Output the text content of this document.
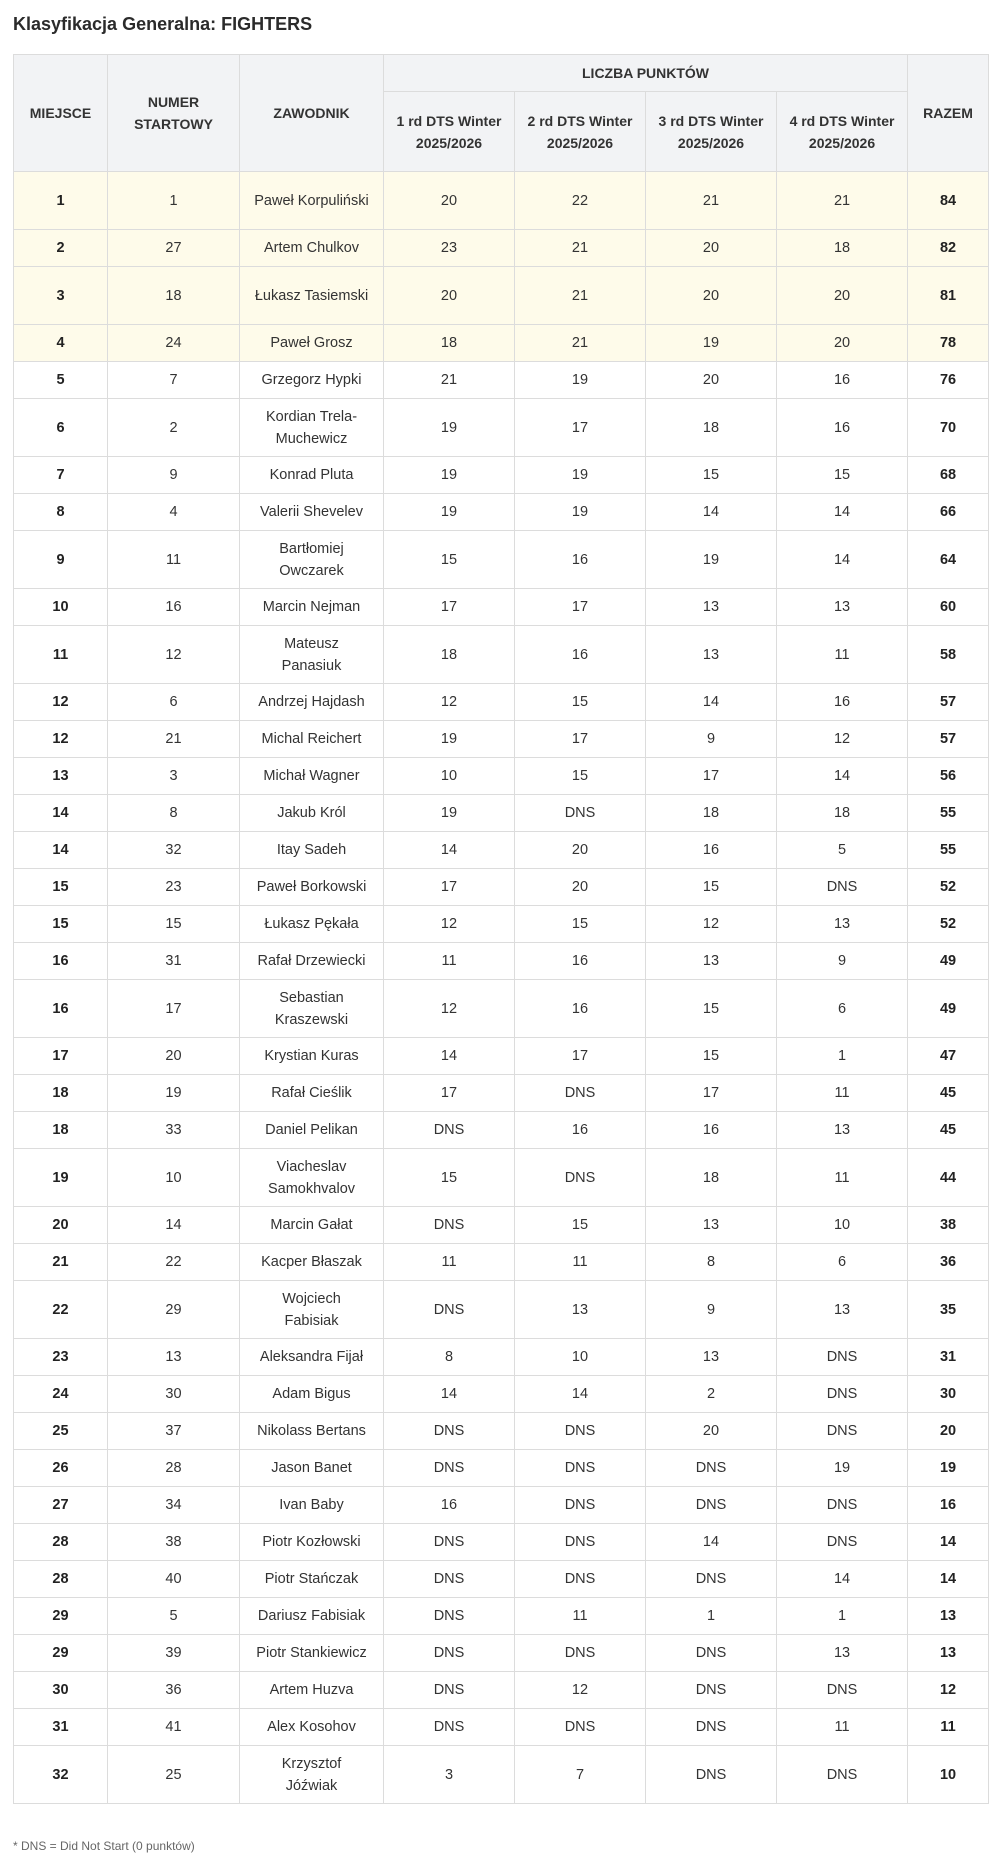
Klasyfikacja Generalna: FIGHTERS
MIEJSCE	NUMER STARTOWY	ZAWODNIK	LICZBA PUNKTÓW				RAZEM
			1 rd DTS Winter 2025/2026	2 rd DTS Winter 2025/2026	3 rd DTS Winter 2025/2026	4 rd DTS Winter 2025/2026	
1	1	Paweł Korpuliński	20	22	21	21	84
2	27	Artem Chulkov	23	21	20	18	82
3	18	Łukasz Tasiemski	20	21	20	20	81
4	24	Paweł Grosz	18	21	19	20	78
5	7	Grzegorz Hypki	21	19	20	16	76
6	2	Kordian Trela-Muchewicz	19	17	18	16	70
7	9	Konrad Pluta	19	19	15	15	68
8	4	Valerii Shevelev	19	19	14	14	66
9	11	Bartłomiej Owczarek	15	16	19	14	64
10	16	Marcin Nejman	17	17	13	13	60
11	12	Mateusz Panasiuk	18	16	13	11	58
12	6	Andrzej Hajdash	12	15	14	16	57
12	21	Michal Reichert	19	17	9	12	57
13	3	Michał Wagner	10	15	17	14	56
14	8	Jakub Król	19	DNS	18	18	55
14	32	Itay Sadeh	14	20	16	5	55
15	23	Paweł Borkowski	17	20	15	DNS	52
15	15	Łukasz Pękała	12	15	12	13	52
16	31	Rafał Drzewiecki	11	16	13	9	49
16	17	Sebastian Kraszewski	12	16	15	6	49
17	20	Krystian Kuras	14	17	15	1	47
18	19	Rafał Cieślik	17	DNS	17	11	45
18	33	Daniel Pelikan	DNS	16	16	13	45
19	10	Viacheslav Samokhvalov	15	DNS	18	11	44
20	14	Marcin Gałat	DNS	15	13	10	38
21	22	Kacper Błaszak	11	11	8	6	36
22	29	Wojciech Fabisiak	DNS	13	9	13	35
23	13	Aleksandra Fijał	8	10	13	DNS	31
24	30	Adam Bigus	14	14	2	DNS	30
25	37	Nikolass Bertans	DNS	DNS	20	DNS	20
26	28	Jason Banet	DNS	DNS	DNS	19	19
27	34	Ivan Baby	16	DNS	DNS	DNS	16
28	38	Piotr Kozłowski	DNS	DNS	14	DNS	14
28	40	Piotr Stańczak	DNS	DNS	DNS	14	14
29	5	Dariusz Fabisiak	DNS	11	1	1	13
29	39	Piotr Stankiewicz	DNS	DNS	DNS	13	13
30	36	Artem Huzva	DNS	12	DNS	DNS	12
31	41	Alex Kosohov	DNS	DNS	DNS	11	11
32	25	Krzysztof Jóźwiak	3	7	DNS	DNS	10
* DNS = Did Not Start (0 punktów)
